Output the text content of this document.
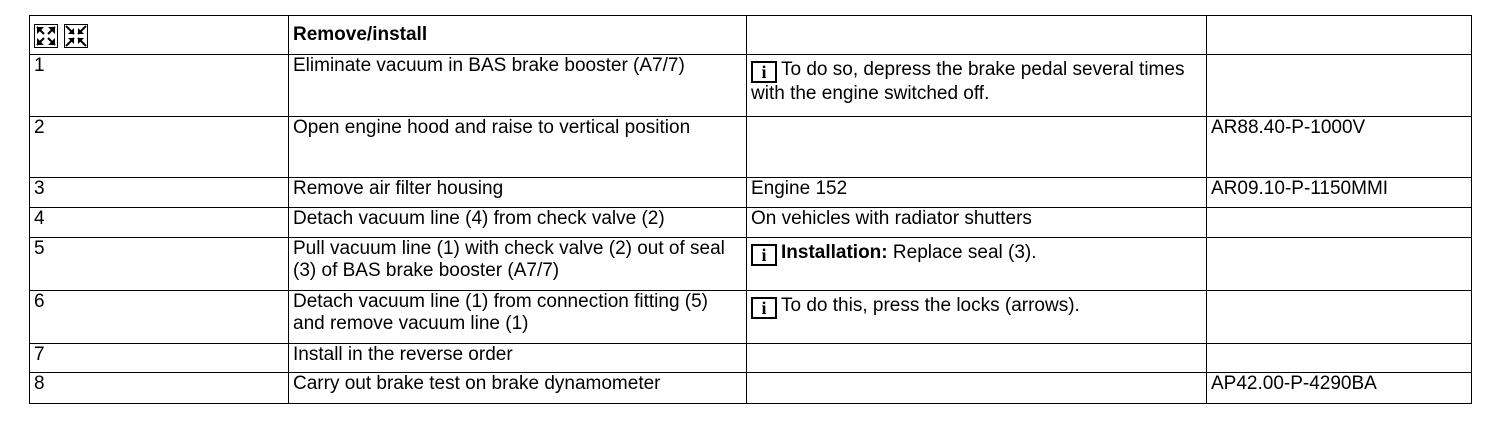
	Remove/install		
1	Eliminate vacuum in BAS brake booster (A7/7)	i To do so, depress the brake pedal several times with the engine switched off.	

2	Open engine hood and raise to vertical position		AR88.40-P-1000V
3	Remove air filter housing	Engine 152	AR09.10-P-1150MMI
4	Detach vacuum line (4) from check valve (2)	On vehicles with radiator shutters	
5	Pull vacuum line (1) with check valve (2) out of seal (3) of BAS brake booster (A7/7)	i Installation: Replace seal (3).	

6	Detach vacuum line (1) from connection fitting (5) and remove vacuum line (1)	i To do this, press the locks (arrows).	

7	Install in the reverse order		
8	Carry out brake test on brake dynamometer		AP42.00-P-4290BA
